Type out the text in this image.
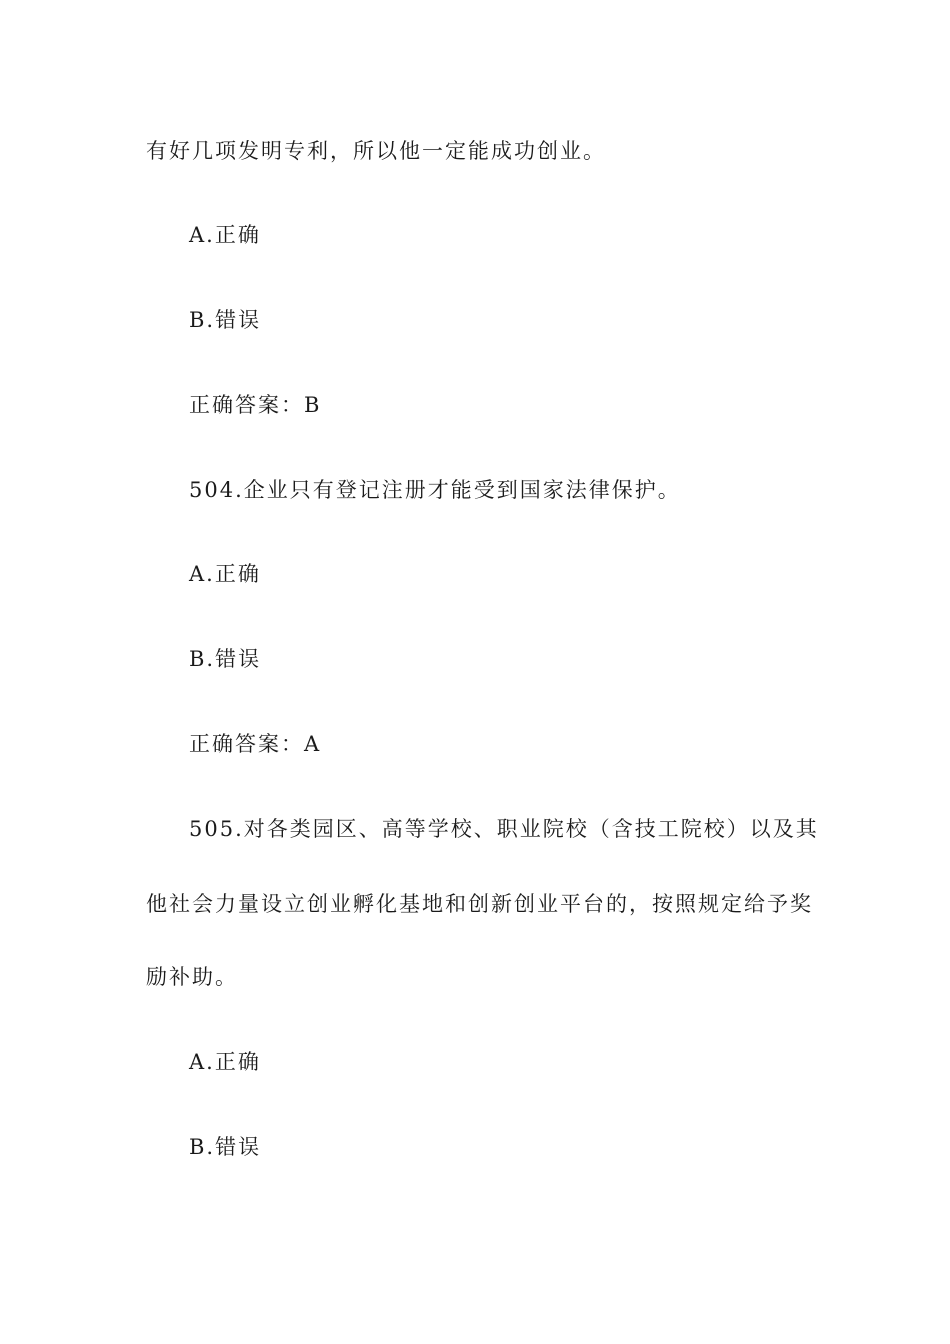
有好几项发明专利，所以他一定能成功创业。
A.正确
B.错误
正确答案：B
504.企业只有登记注册才能受到国家法律保护。
A.正确
B.错误
正确答案：A
505.对各类园区、高等学校、职业院校（含技工院校）以及其
他社会力量设立创业孵化基地和创新创业平台的，按照规定给予奖
励补助。
A.正确
B.错误
